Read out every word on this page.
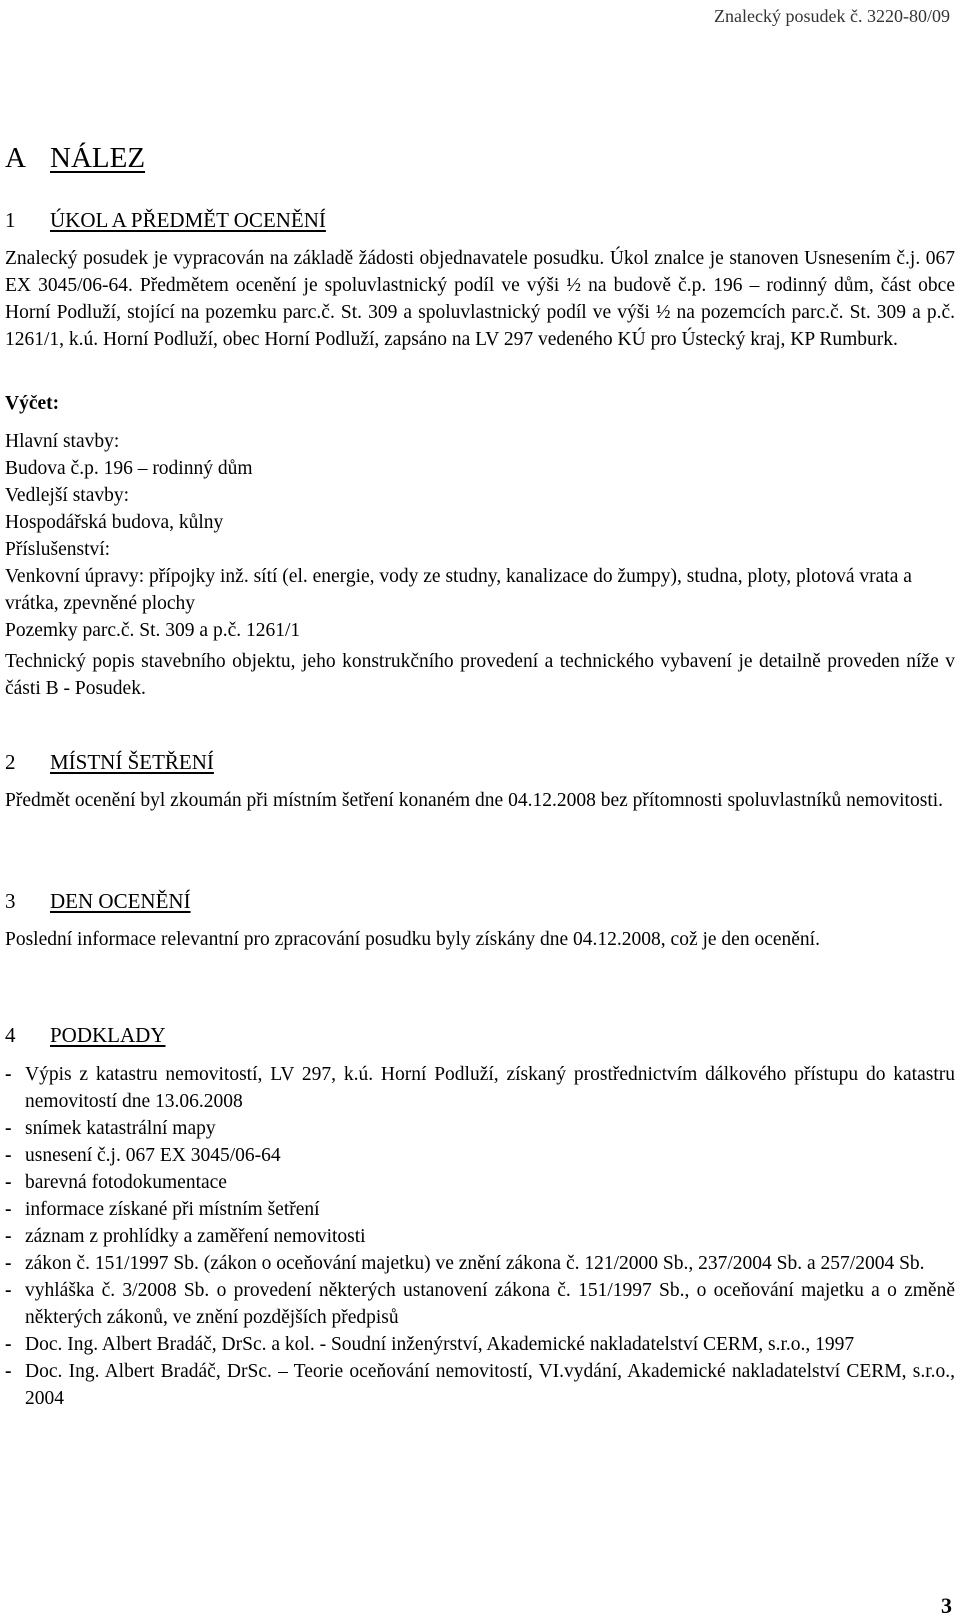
Znalecký posudek č. 3220-80/09
A NÁLEZ
1 ÚKOL A PŘEDMĚT OCENĚNÍ
Znalecký posudek je vypracován na základě žádosti objednavatele posudku. Úkol znalce je stanoven Usnesením č.j. 067 EX 3045/06-64. Předmětem ocenění je spoluvlastnický podíl ve výši ½ na budově č.p. 196 – rodinný dům, část obce Horní Podluží, stojící na pozemku parc.č. St. 309 a spoluvlastnický podíl ve výši ½ na pozemcích parc.č. St. 309 a p.č. 1261/1, k.ú. Horní Podluží, obec Horní Podluží, zapsáno na LV 297 vedeného KÚ pro Ústecký kraj, KP Rumburk.
Výčet:
Hlavní stavby:
Budova č.p. 196 – rodinný dům
Vedlejší stavby:
Hospodářská budova, kůlny
Příslušenství:
Venkovní úpravy: přípojky inž. sítí (el. energie, vody ze studny, kanalizace do žumpy), studna, ploty, plotová vrata a vrátka, zpevněné plochy
Pozemky parc.č. St. 309 a p.č. 1261/1
Technický popis stavebního objektu, jeho konstrukčního provedení a technického vybavení je detailně proveden níže v části B - Posudek.
2 MÍSTNÍ ŠETŘENÍ
Předmět ocenění byl zkoumán při místním šetření konaném dne 04.12.2008 bez přítomnosti spoluvlastníků nemovitosti.
3 DEN OCENĚNÍ
Poslední informace relevantní pro zpracování posudku byly získány dne 04.12.2008, což je den ocenění.
4 PODKLADY
- Výpis z katastru nemovitostí, LV 297, k.ú. Horní Podluží, získaný prostřednictvím dálkového přístupu do katastru nemovitostí dne 13.06.2008
- snímek katastrální mapy
- usnesení č.j. 067 EX 3045/06-64
- barevná fotodokumentace
- informace získané při místním šetření
- záznam z prohlídky a zaměření nemovitosti
- zákon č. 151/1997 Sb. (zákon o oceňování majetku) ve znění zákona č. 121/2000 Sb., 237/2004 Sb. a 257/2004 Sb.
- vyhláška č. 3/2008 Sb. o provedení některých ustanovení zákona č. 151/1997 Sb., o oceňování majetku a o změně některých zákonů, ve znění pozdějších předpisů
- Doc. Ing. Albert Bradáč, DrSc. a kol. - Soudní inženýrství, Akademické nakladatelství CERM, s.r.o., 1997
- Doc. Ing. Albert Bradáč, DrSc. – Teorie oceňování nemovitostí, VI.vydání, Akademické nakladatelství CERM, s.r.o., 2004
3
